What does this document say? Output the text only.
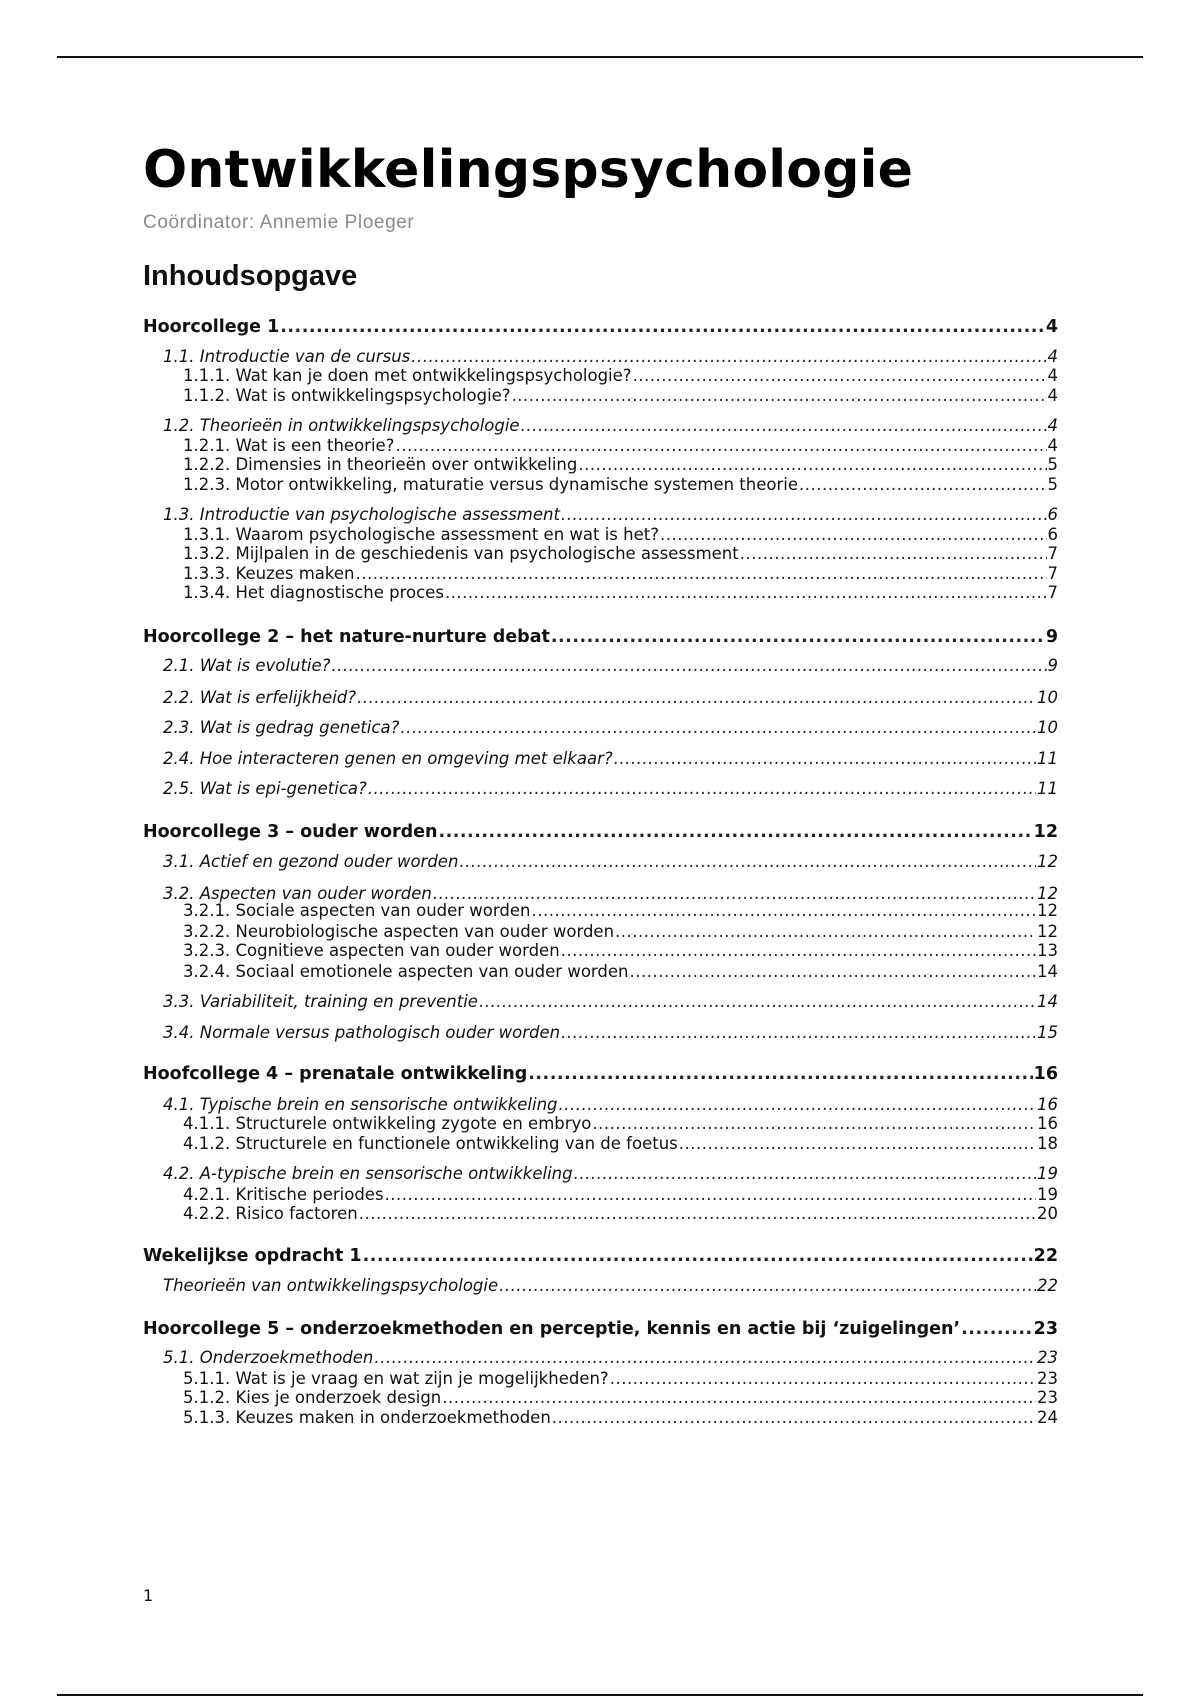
Ontwikkelingspsychologie
Coördinator: Annemie Ploeger
Inhoudsopgave
Hoorcollege 1 .....	4
1.1. Introductie van de cursus .....	4
1.1.1. Wat kan je doen met ontwikkelingspsychologie? .....	4
1.1.2. Wat is ontwikkelingspsychologie? .....	4
1.2. Theorieën in ontwikkelingspsychologie .....	4
1.2.1. Wat is een theorie? .....	4
1.2.2. Dimensies in theorieën over ontwikkeling .....	5
1.2.3. Motor ontwikkeling, maturatie versus dynamische systemen theorie .....	5
1.3. Introductie van psychologische assessment .....	6
1.3.1. Waarom psychologische assessment en wat is het? .....	6
1.3.2. Mijlpalen in de geschiedenis van psychologische assessment .....	7
1.3.3. Keuzes maken .....	7
1.3.4. Het diagnostische proces .....	7
Hoorcollege 2 – het nature-nurture debat .....	9
2.1. Wat is evolutie? .....	9
2.2. Wat is erfelijkheid? .....	10
2.3. Wat is gedrag genetica? .....	10
2.4. Hoe interacteren genen en omgeving met elkaar? .....	11
2.5. Wat is epi-genetica? .....	11
Hoorcollege 3 – ouder worden .....	12
3.1. Actief en gezond ouder worden .....	12
3.2. Aspecten van ouder worden .....	12
3.2.1. Sociale aspecten van ouder worden .....	12
3.2.2. Neurobiologische aspecten van ouder worden .....	12
3.2.3. Cognitieve aspecten van ouder worden .....	13
3.2.4. Sociaal emotionele aspecten van ouder worden .....	14
3.3. Variabiliteit, training en preventie .....	14
3.4. Normale versus pathologisch ouder worden .....	15
Hoofcollege 4 – prenatale ontwikkeling .....	16
4.1. Typische brein en sensorische ontwikkeling .....	16
4.1.1. Structurele ontwikkeling zygote en embryo .....	16
4.1.2. Structurele en functionele ontwikkeling van de foetus .....	18
4.2. A-typische brein en sensorische ontwikkeling .....	19
4.2.1. Kritische periodes .....	19
4.2.2. Risico factoren .....	20
Wekelijkse opdracht 1 .....	22
Theorieën van ontwikkelingspsychologie .....	22
Hoorcollege 5 – onderzoekmethoden en perceptie, kennis en actie bij ‘zuigelingen’ .....	23
5.1. Onderzoekmethoden .....	23
5.1.1. Wat is je vraag en wat zijn je mogelijkheden? .....	23
5.1.2. Kies je onderzoek design .....	23
5.1.3. Keuzes maken in onderzoekmethoden .....	24
1
